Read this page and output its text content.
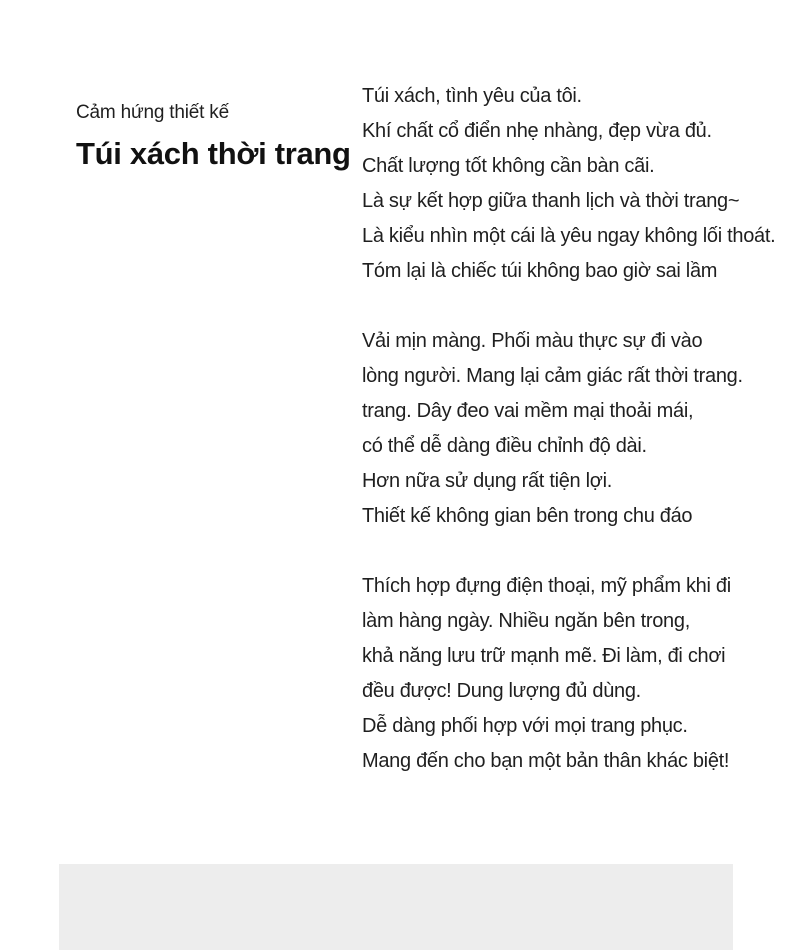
Cảm hứng thiết kế
Túi xách thời trang
Túi xách, tình yêu của tôi.
Khí chất cổ điển nhẹ nhàng, đẹp vừa đủ.
Chất lượng tốt không cần bàn cãi.
Là sự kết hợp giữa thanh lịch và thời trang~
Là kiểu nhìn một cái là yêu ngay không lối thoát.
Tóm lại là chiếc túi không bao giờ sai lầm
Vải mịn màng. Phối màu thực sự đi vào
lòng người. Mang lại cảm giác rất thời trang.
trang. Dây đeo vai mềm mại thoải mái,
có thể dễ dàng điều chỉnh độ dài.
Hơn nữa sử dụng rất tiện lợi.
Thiết kế không gian bên trong chu đáo
Thích hợp đựng điện thoại, mỹ phẩm khi đi
làm hàng ngày. Nhiều ngăn bên trong,
khả năng lưu trữ mạnh mẽ. Đi làm, đi chơi
đều được! Dung lượng đủ dùng.
Dễ dàng phối hợp với mọi trang phục.
Mang đến cho bạn một bản thân khác biệt!
